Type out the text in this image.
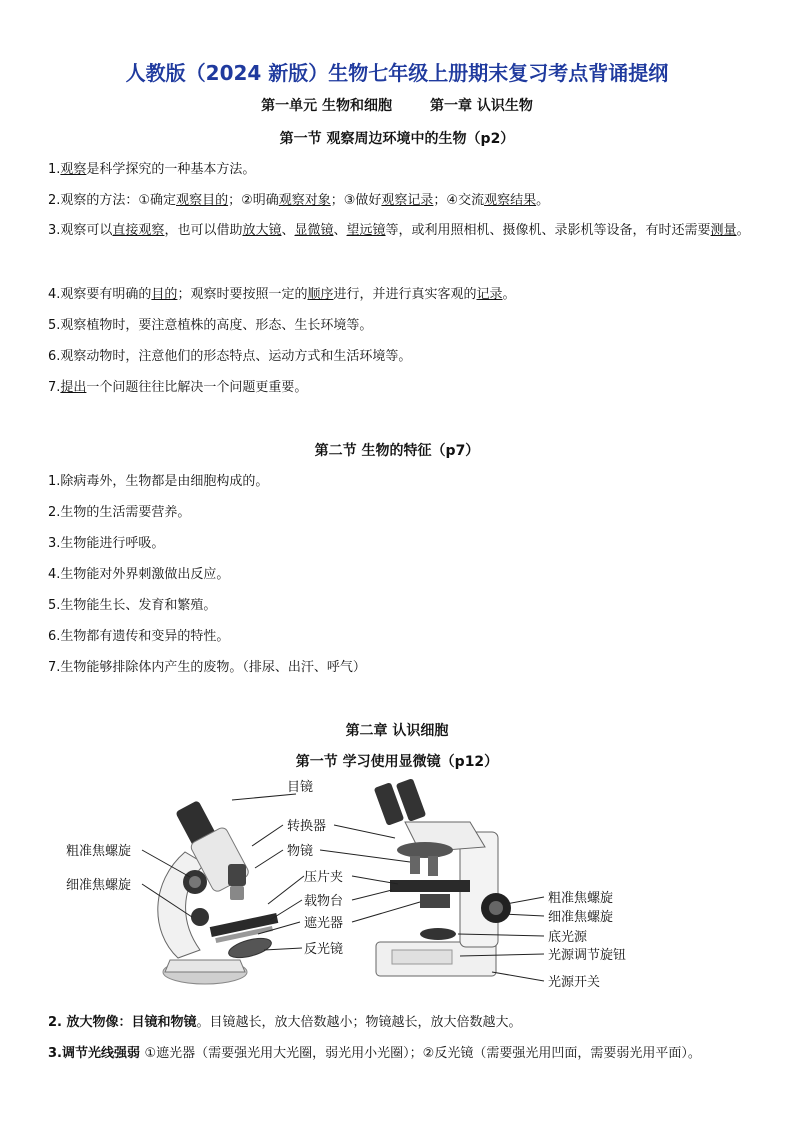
人教版（2024 新版）生物七年级上册期末复习考点背诵提纲
第一单元 生物和细胞	第一章 认识生物
第一节 观察周边环境中的生物（p2）
1.观察是科学探究的一种基本方法。
2.观察的方法：①确定观察目的；②明确观察对象；③做好观察记录；④交流观察结果。
3.观察可以直接观察，也可以借助放大镜、显微镜、望远镜等，或利用照相机、摄像机、录影机等设备，有时还需要测量。
4.观察要有明确的目的；观察时要按照一定的顺序进行，并进行真实客观的记录。
5.观察植物时，要注意植株的高度、形态、生长环境等。
6.观察动物时，注意他们的形态特点、运动方式和生活环境等。
7.提出一个问题往往比解决一个问题更重要。
第二节 生物的特征（p7）
1.除病毒外，生物都是由细胞构成的。
2.生物的生活需要营养。
3.生物能进行呼吸。
4.生物能对外界刺激做出反应。
5.生物能生长、发育和繁殖。
6.生物都有遗传和变异的特性。
7.生物能够排除体内产生的废物。（排尿、出汗、呼气）
第二章 认识细胞
第一节 学习使用显微镜（p12）
粗准焦螺旋
细准焦螺旋
目镜
转换器
物镜
压片夹
载物台
遮光器
反光镜
粗准焦螺旋
细准焦螺旋
底光源
光源调节旋钮
光源开关
2. 放大物像：目镜和物镜。目镜越长，放大倍数越小；物镜越长，放大倍数越大。
3.调节光线强弱 ①遮光器（需要强光用大光圈，弱光用小光圈）；②反光镜（需要强光用凹面，需要弱光用平面）。
